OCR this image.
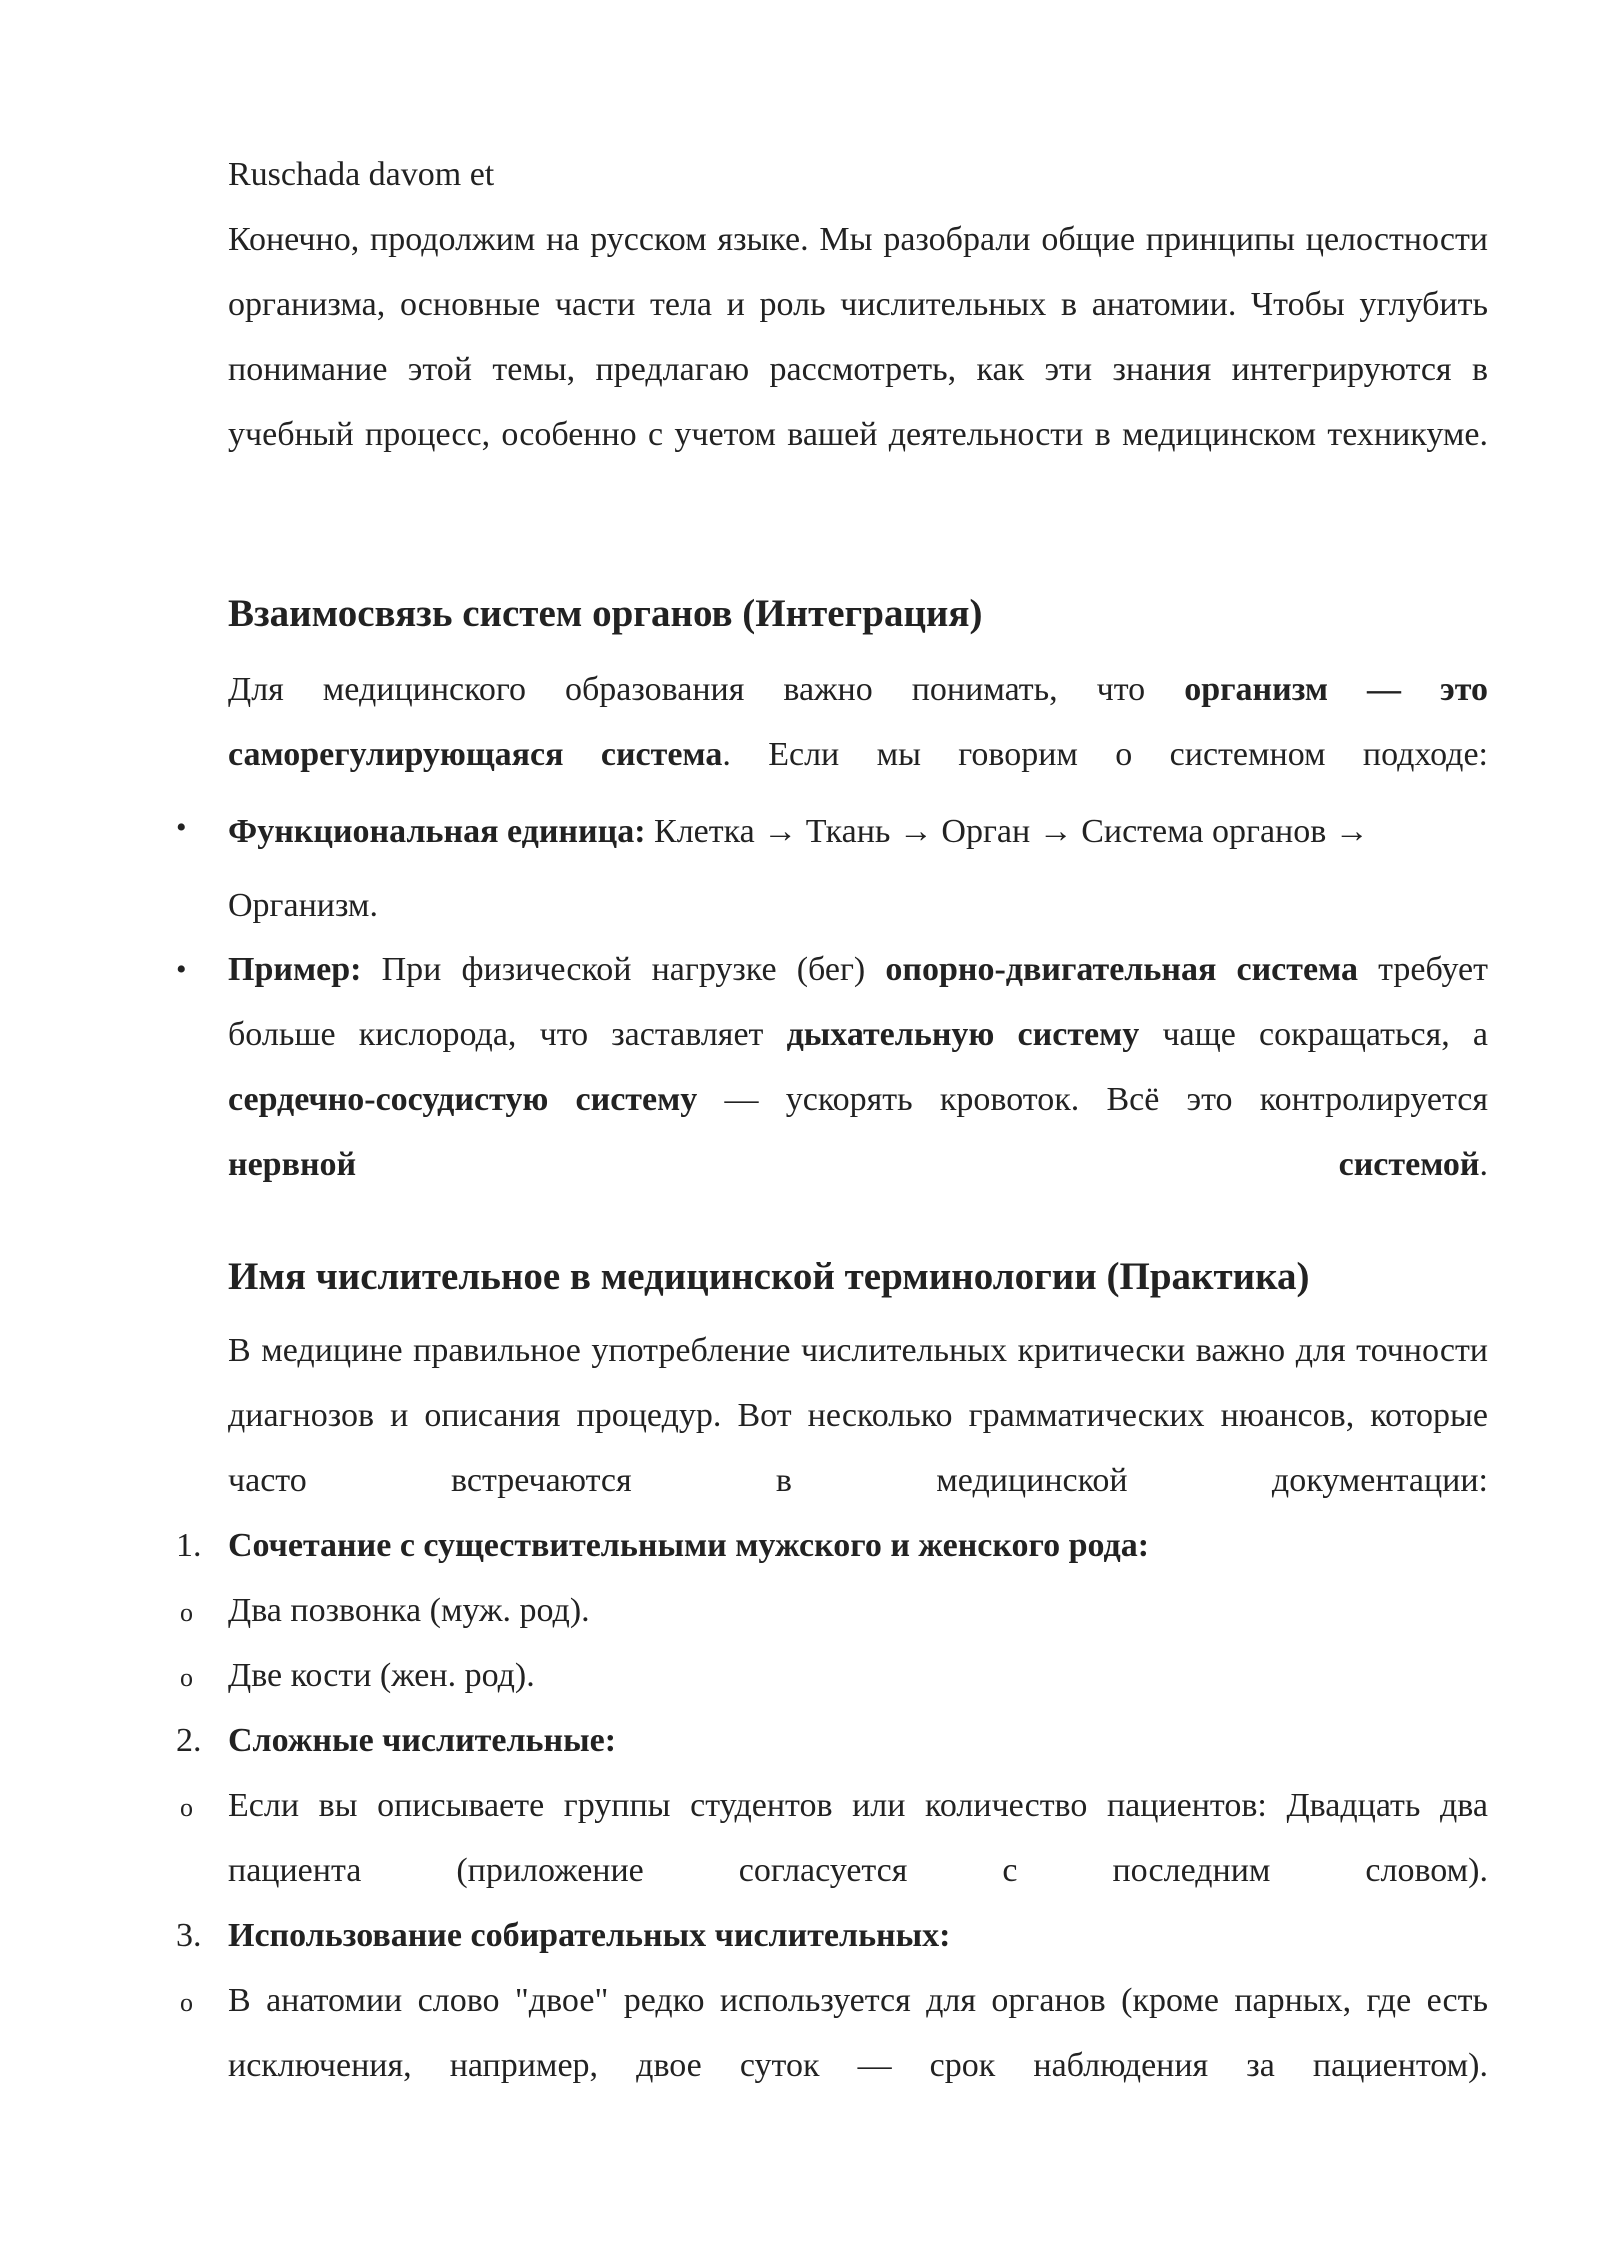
Ruschada davom et

Конечно, продолжим на русском языке. Мы разобрали общие принципы целостности организма, основные части тела и роль числительных в анатомии. Чтобы углубить понимание этой темы, предлагаю рассмотреть, как эти знания интегрируются в учебный процесс, особенно с учетом вашей деятельности в медицинском техникуме.

Взаимосвязь систем органов (Интеграция)

Для медицинского образования важно понимать, что организм — это саморегулирующаяся система. Если мы говорим о системном подходе:

• Функциональная единица: Клетка → Ткань → Орган → Система органов → Организм.

• Пример: При физической нагрузке (бег) опорно-двигательная система требует больше кислорода, что заставляет дыхательную систему чаще сокращаться, а сердечно-сосудистую систему — ускорять кровоток. Всё это контролируется нервной системой.

Имя числительное в медицинской терминологии (Практика)

В медицине правильное употребление числительных критически важно для точности диагнозов и описания процедур. Вот несколько грамматических нюансов, которые часто встречаются в медицинской документации:

1. Сочетание с существительными мужского и женского рода:

o Два позвонка (муж. род).

o Две кости (жен. род).

2. Сложные числительные:

o Если вы описываете группы студентов или количество пациентов: Двадцать два пациента (приложение согласуется с последним словом).

3. Использование собирательных числительных:

o В анатомии слово "двое" редко используется для органов (кроме парных, где есть исключения, например, двое суток — срок наблюдения за пациентом).
